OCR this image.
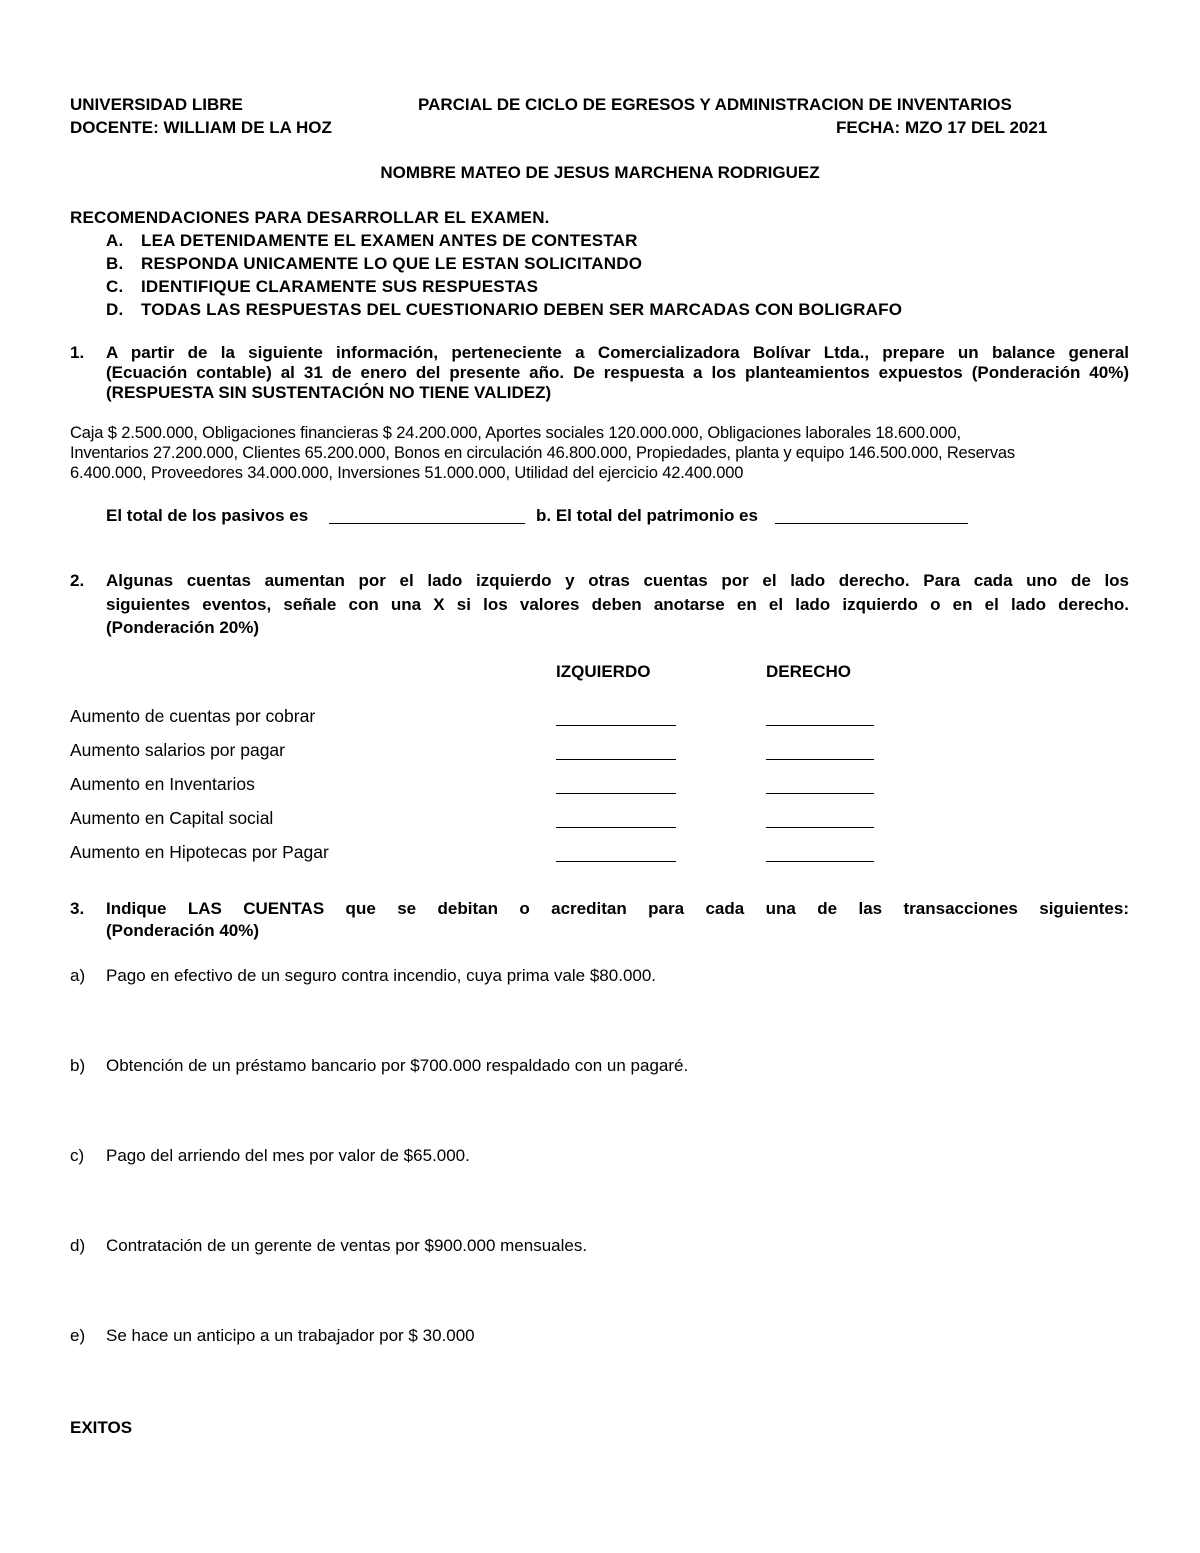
UNIVERSIDAD LIBRE	PARCIAL DE CICLO DE EGRESOS Y ADMINISTRACION DE INVENTARIOS
DOCENTE: WILLIAM DE LA HOZ	FECHA: MZO 17 DEL 2021
NOMBRE MATEO DE JESUS MARCHENA RODRIGUEZ
RECOMENDACIONES PARA DESARROLLAR EL EXAMEN.
A. LEA DETENIDAMENTE EL EXAMEN ANTES DE CONTESTAR
B. RESPONDA UNICAMENTE LO QUE LE ESTAN SOLICITANDO
C. IDENTIFIQUE CLARAMENTE SUS RESPUESTAS
D. TODAS LAS RESPUESTAS DEL CUESTIONARIO DEBEN SER MARCADAS CON BOLIGRAFO
1. A partir de la siguiente información, perteneciente a Comercializadora Bolívar Ltda., prepare un balance general
(Ecuación contable) al 31 de enero del presente año. De respuesta a los planteamientos expuestos (Ponderación 40%)
(RESPUESTA SIN SUSTENTACIÓN NO TIENE VALIDEZ)
Caja $ 2.500.000, Obligaciones financieras $ 24.200.000, Aportes sociales 120.000.000, Obligaciones laborales 18.600.000,
Inventarios 27.200.000, Clientes 65.200.000, Bonos en circulación 46.800.000, Propiedades, planta y equipo 146.500.000, Reservas
6.400.000, Proveedores 34.000.000, Inversiones 51.000.000, Utilidad del ejercicio 42.400.000
El total de los pasivos es	b. El total del patrimonio es
2. Algunas cuentas aumentan por el lado izquierdo y otras cuentas por el lado derecho. Para cada uno de los
siguientes eventos, señale con una X si los valores deben anotarse en el lado izquierdo o en el lado derecho.
(Ponderación 20%)
IZQUIERDO	DERECHO
Aumento de cuentas por cobrar
Aumento salarios por pagar
Aumento en Inventarios
Aumento en Capital social
Aumento en Hipotecas por Pagar
3. Indique LAS CUENTAS que se debitan o acreditan para cada una de las transacciones siguientes:
(Ponderación 40%)
a) Pago en efectivo de un seguro contra incendio, cuya prima vale $80.000.
b) Obtención de un préstamo bancario por $700.000 respaldado con un pagaré.
c) Pago del arriendo del mes por valor de $65.000.
d) Contratación de un gerente de ventas por $900.000 mensuales.
e) Se hace un anticipo a un trabajador por $ 30.000
EXITOS
